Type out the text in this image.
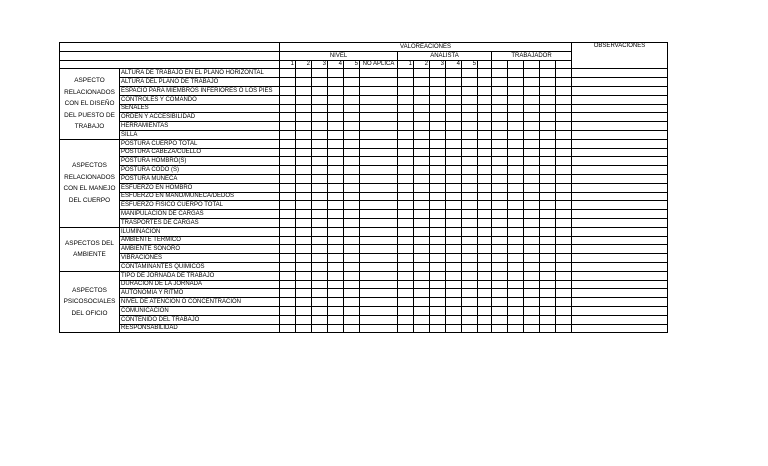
		VALOREACIONES																	OBSERVACIONES
		NIVEL						ANALISTA						TRABAJADOR					
		1	2	3	4	5	NO APLICA	1	2	3	4	5							
ASPECTO RELACIONADOS CON EL DISEÑO DEL PUESTO DE TRABAJO	ALTURA DE TRABAJO EN EL PLANO HORIZONTAL																		
	ALTURA DEL PLANO DE TRABAJO																		
	ESPACIO PARA MIEMBROS INFERIORES O LOS PIES																		
	CONTROLES Y COMANDO																		
	SEÑALES																		
	ORDEN Y ACCESIBILIDAD																		
	HERRAMIENTAS																		
	SILLA																		
ASPECTOS RELACIONADOS CON EL MANEJO DEL CUERPO	POSTURA CUERPO TOTAL																		
	POSTURA CABEZA/CUELLO																		
	POSTURA HOMBRO(S)																		
	POSTURA CODO (S)																		
	POSTURA MUÑECA																		
	ESFUERZO EN HOMBRO																		
	ESFUERZO EN MANO/MUÑECA/DEDOS																		
	ESFUERZO FISICO CUERPO TOTAL																		
	MANIPULACION DE CARGAS																		
	TRASPORTES DE CARGAS																		
ASPECTOS DEL AMBIENTE	ILUMINACION																		
	AMBIENTE TERMICO																		
	AMBIENTE SONORO																		
	VIBRACIONES																		
	CONTAMINANTES QUIMICOS																		
ASPECTOS PSICOSOCIALES DEL OFICIO	TIPO DE JORNADA DE TRABAJO																		
	DURACION DE LA JORNADA																		
	AUTONOMIA Y RITMO																		
	NIVEL DE ATENCION O CONCENTRACION																		
	COMUNICACION																		
	CONTENIDO DEL TRABAJO																		
	RESPONSABILIDAD																		
